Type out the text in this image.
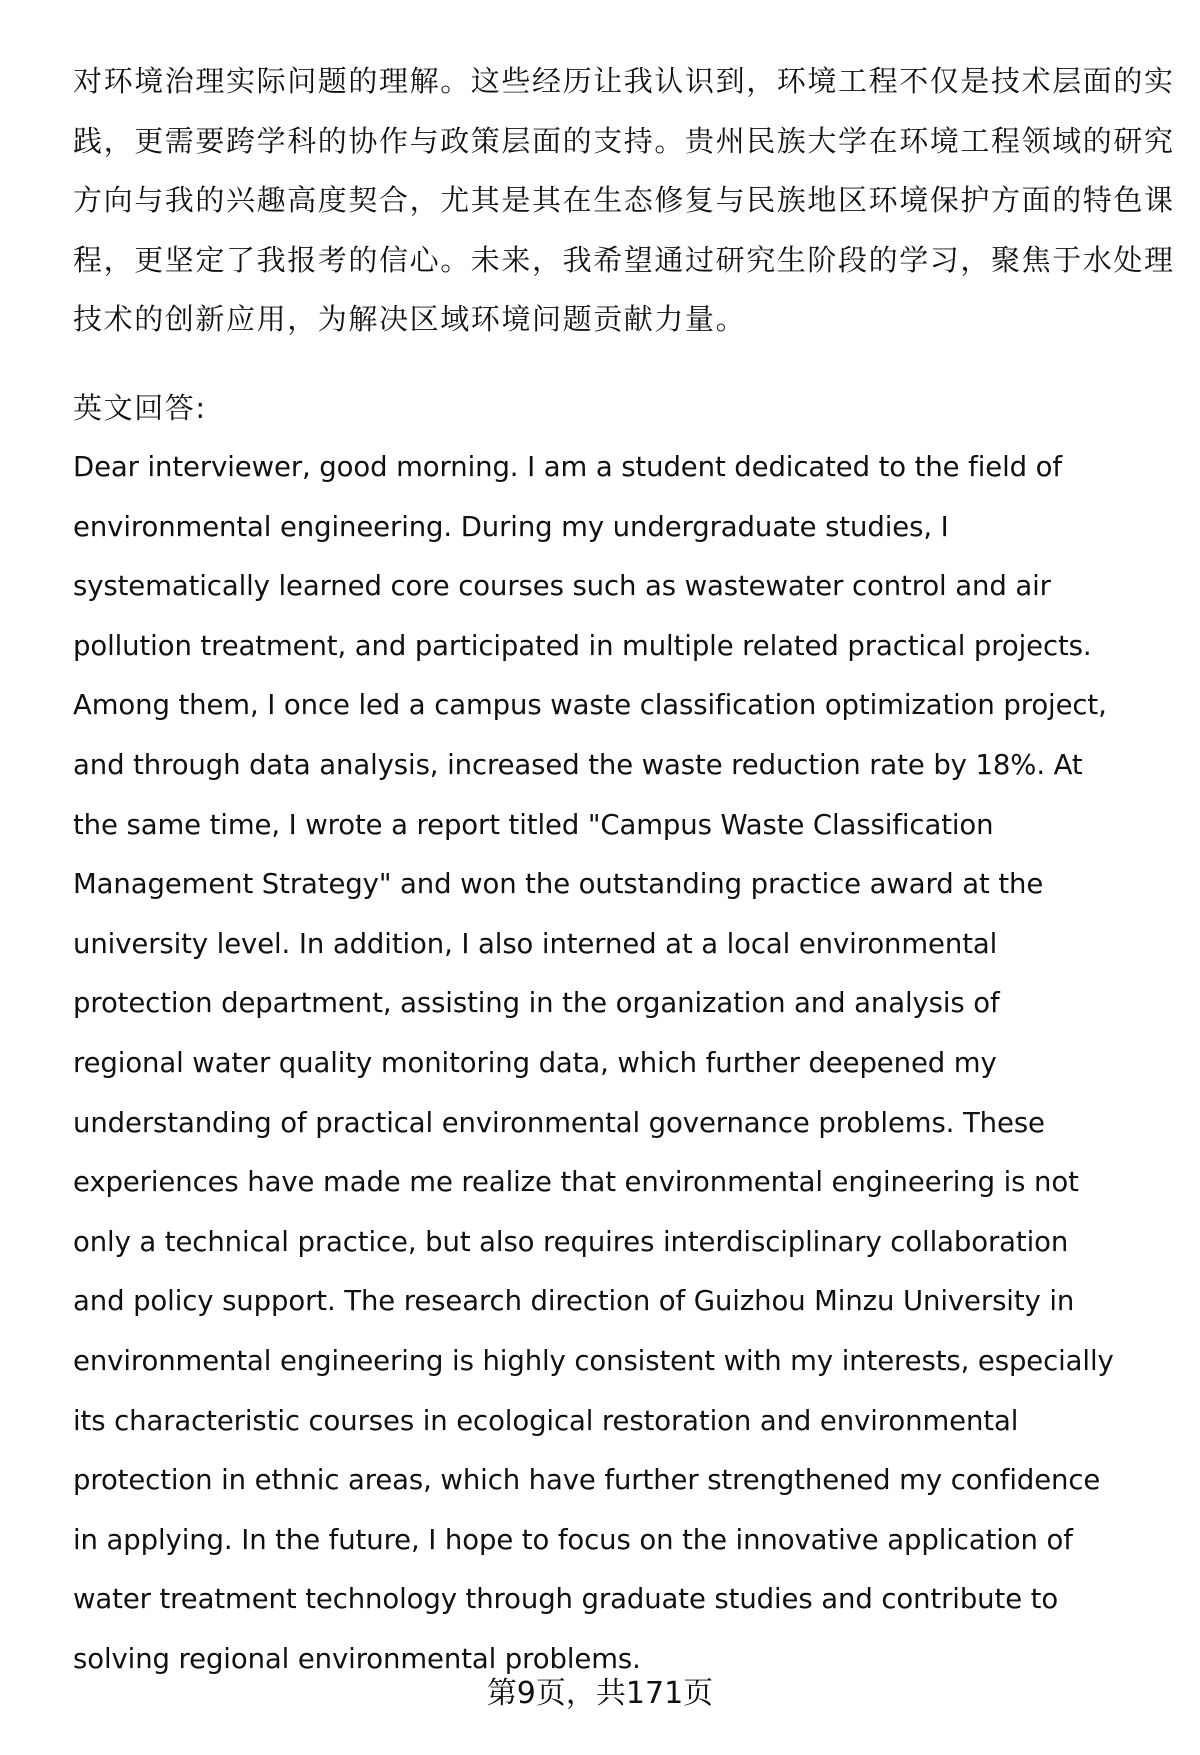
对环境治理实际问题的理解。这些经历让我认识到，环境工程不仅是技术层面的实
践，更需要跨学科的协作与政策层面的支持。贵州民族大学在环境工程领域的研究
方向与我的兴趣高度契合，尤其是其在生态修复与民族地区环境保护方面的特色课
程，更坚定了我报考的信心。未来，我希望通过研究生阶段的学习，聚焦于水处理
技术的创新应用，为解决区域环境问题贡献力量。
英文回答:
Dear interviewer, good morning. I am a student dedicated to the field of
environmental engineering. During my undergraduate studies, I
systematically learned core courses such as wastewater control and air
pollution treatment, and participated in multiple related practical projects.
Among them, I once led a campus waste classification optimization project,
and through data analysis, increased the waste reduction rate by 18%. At
the same time, I wrote a report titled "Campus Waste Classification
Management Strategy" and won the outstanding practice award at the
university level. In addition, I also interned at a local environmental
protection department, assisting in the organization and analysis of
regional water quality monitoring data, which further deepened my
understanding of practical environmental governance problems. These
experiences have made me realize that environmental engineering is not
only a technical practice, but also requires interdisciplinary collaboration
and policy support. The research direction of Guizhou Minzu University in
environmental engineering is highly consistent with my interests, especially
its characteristic courses in ecological restoration and environmental
protection in ethnic areas, which have further strengthened my confidence
in applying. In the future, I hope to focus on the innovative application of
water treatment technology through graduate studies and contribute to
solving regional environmental problems.
第9页，共171页
